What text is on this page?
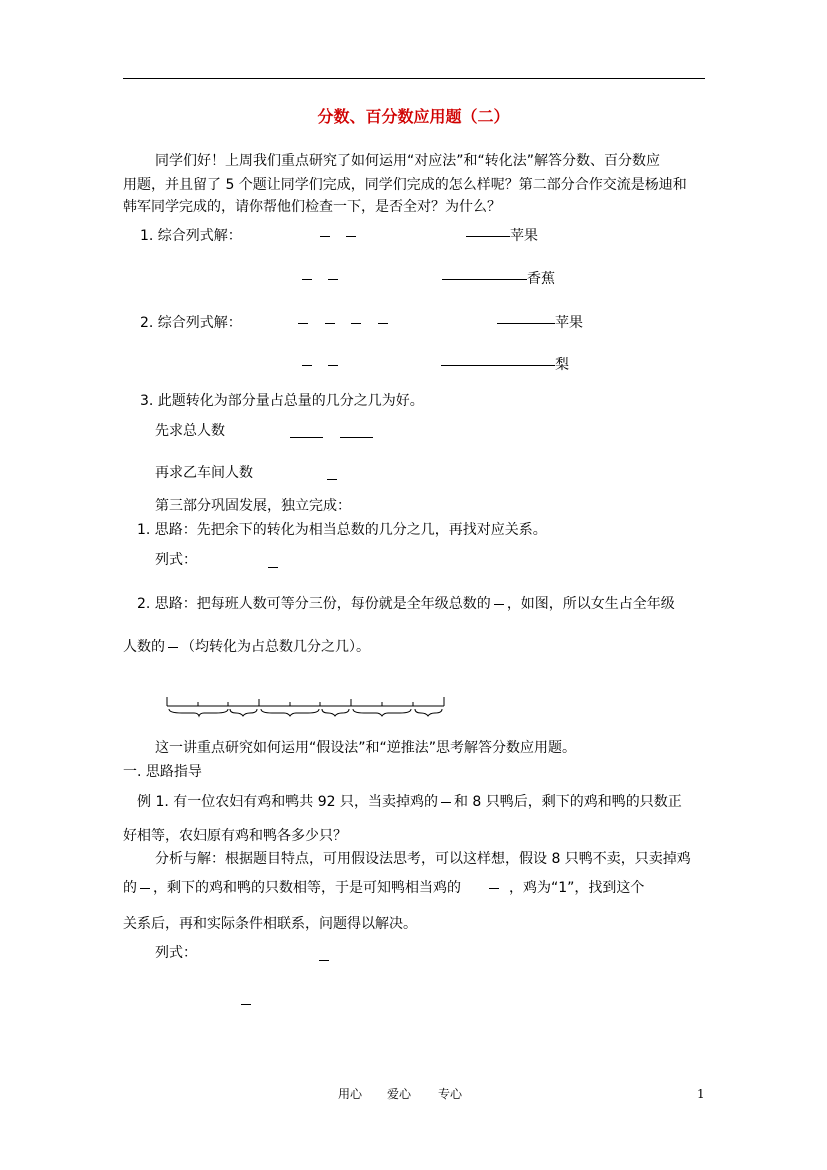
分数、百分数应用题（二）
同学们好！上周我们重点研究了如何运用“对应法”和“转化法”解答分数、百分数应
用题，并且留了 5 个题让同学们完成，同学们完成的怎么样呢？第二部分合作交流是杨迪和
韩军同学完成的，请你帮他们检查一下，是否全对？为什么？
1. 综合列式解：	苹果
香蕉
2. 综合列式解：	苹果
梨
3. 此题转化为部分量占总量的几分之几为好。
先求总人数
再求乙车间人数
第三部分巩固发展，独立完成：
1. 思路：先把余下的转化为相当总数的几分之几，再找对应关系。
列式：
2. 思路：把每班人数可等分三份，每份就是全年级总数的 ，如图，所以女生占全年级
人数的 （均转化为占总数几分之几）。
这一讲重点研究如何运用“假设法”和“逆推法”思考解答分数应用题。
一. 思路指导
例 1. 有一位农妇有鸡和鸭共 92 只，当卖掉鸡的 和 8 只鸭后，剩下的鸡和鸭的只数正
好相等，农妇原有鸡和鸭各多少只？
分析与解：根据题目特点，可用假设法思考，可以这样想，假设 8 只鸭不卖，只卖掉鸡
的 ，剩下的鸡和鸭的只数相等，于是可知鸭相当鸡的	，鸡为“1”，找到这个
关系后，再和实际条件相联系，问题得以解决。
列式：
用心 爱心 专心	1
